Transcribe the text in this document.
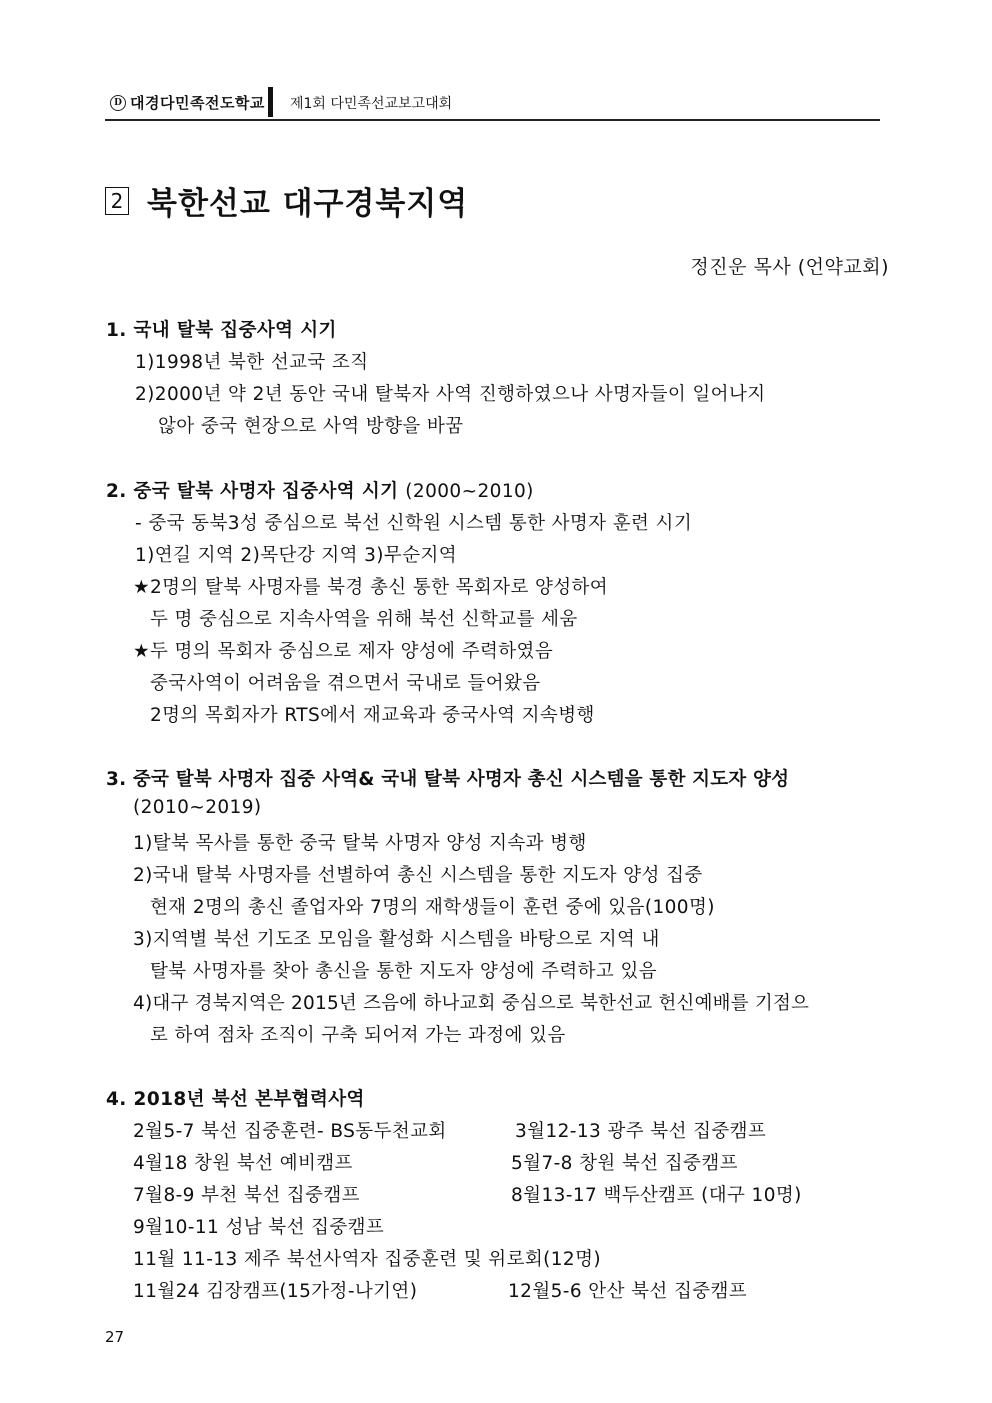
D 대경다민족전도학교 제1회 다민족선교보고대회
2 북한선교 대구경북지역
정진운 목사 (언약교회)
1. 국내 탈북 집중사역 시기
1)1998년 북한 선교국 조직
2)2000년 약 2년 동안 국내 탈북자 사역 진행하였으나 사명자들이 일어나지
않아 중국 현장으로 사역 방향을 바꿈
2. 중국 탈북 사명자 집중사역 시기 (2000~2010)
- 중국 동북3성 중심으로 북선 신학원 시스템 통한 사명자 훈련 시기
1)연길 지역 2)목단강 지역 3)무순지역
★2명의 탈북 사명자를 북경 총신 통한 목회자로 양성하여
두 명 중심으로 지속사역을 위해 북선 신학교를 세움
★두 명의 목회자 중심으로 제자 양성에 주력하였음
중국사역이 어려움을 겪으면서 국내로 들어왔음
2명의 목회자가 RTS에서 재교육과 중국사역 지속병행
3. 중국 탈북 사명자 집중 사역& 국내 탈북 사명자 총신 시스템을 통한 지도자 양성
(2010~2019)
1)탈북 목사를 통한 중국 탈북 사명자 양성 지속과 병행
2)국내 탈북 사명자를 선별하여 총신 시스템을 통한 지도자 양성 집중
현재 2명의 총신 졸업자와 7명의 재학생들이 훈련 중에 있음(100명)
3)지역별 북선 기도조 모임을 활성화 시스템을 바탕으로 지역 내
탈북 사명자를 찾아 총신을 통한 지도자 양성에 주력하고 있음
4)대구 경북지역은 2015년 즈음에 하나교회 중심으로 북한선교 헌신예배를 기점으
로 하여 점차 조직이 구축 되어져 가는 과정에 있음
4. 2018년 북선 본부협력사역
2월5-7 북선 집중훈련- BS동두천교회	3월12-13 광주 북선 집중캠프
4월18 창원 북선 예비캠프	5월7-8 창원 북선 집중캠프
7월8-9 부천 북선 집중캠프	8월13-17 백두산캠프 (대구 10명)
9월10-11 성남 북선 집중캠프
11월 11-13 제주 북선사역자 집중훈련 및 위로회(12명)
11월24 김장캠프(15가정-나기연)	12월5-6 안산 북선 집중캠프
27
